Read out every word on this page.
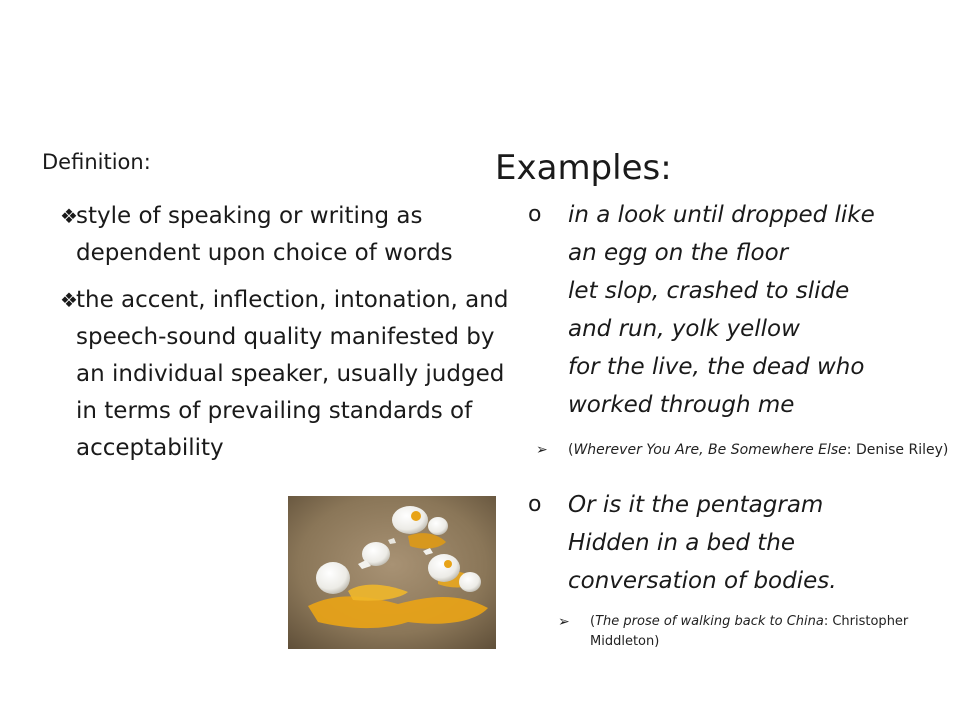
Definition:
❖
style of speaking or writing as dependent upon choice of words
❖
the accent, inflection, intonation, and speech-sound quality manifested by an individual speaker, usually judged in terms of prevailing standards of acceptability
Examples:
o in a look until dropped like
an egg on the floor
let slop, crashed to slide
and run, yolk yellow
for the live, the dead who
worked through me
➢ (Wherever You Are, Be Somewhere Else: Denise Riley)
o Or is it the pentagram
Hidden in a bed the
conversation of bodies.
➢ (The prose of walking back to China: Christopher Middleton)
